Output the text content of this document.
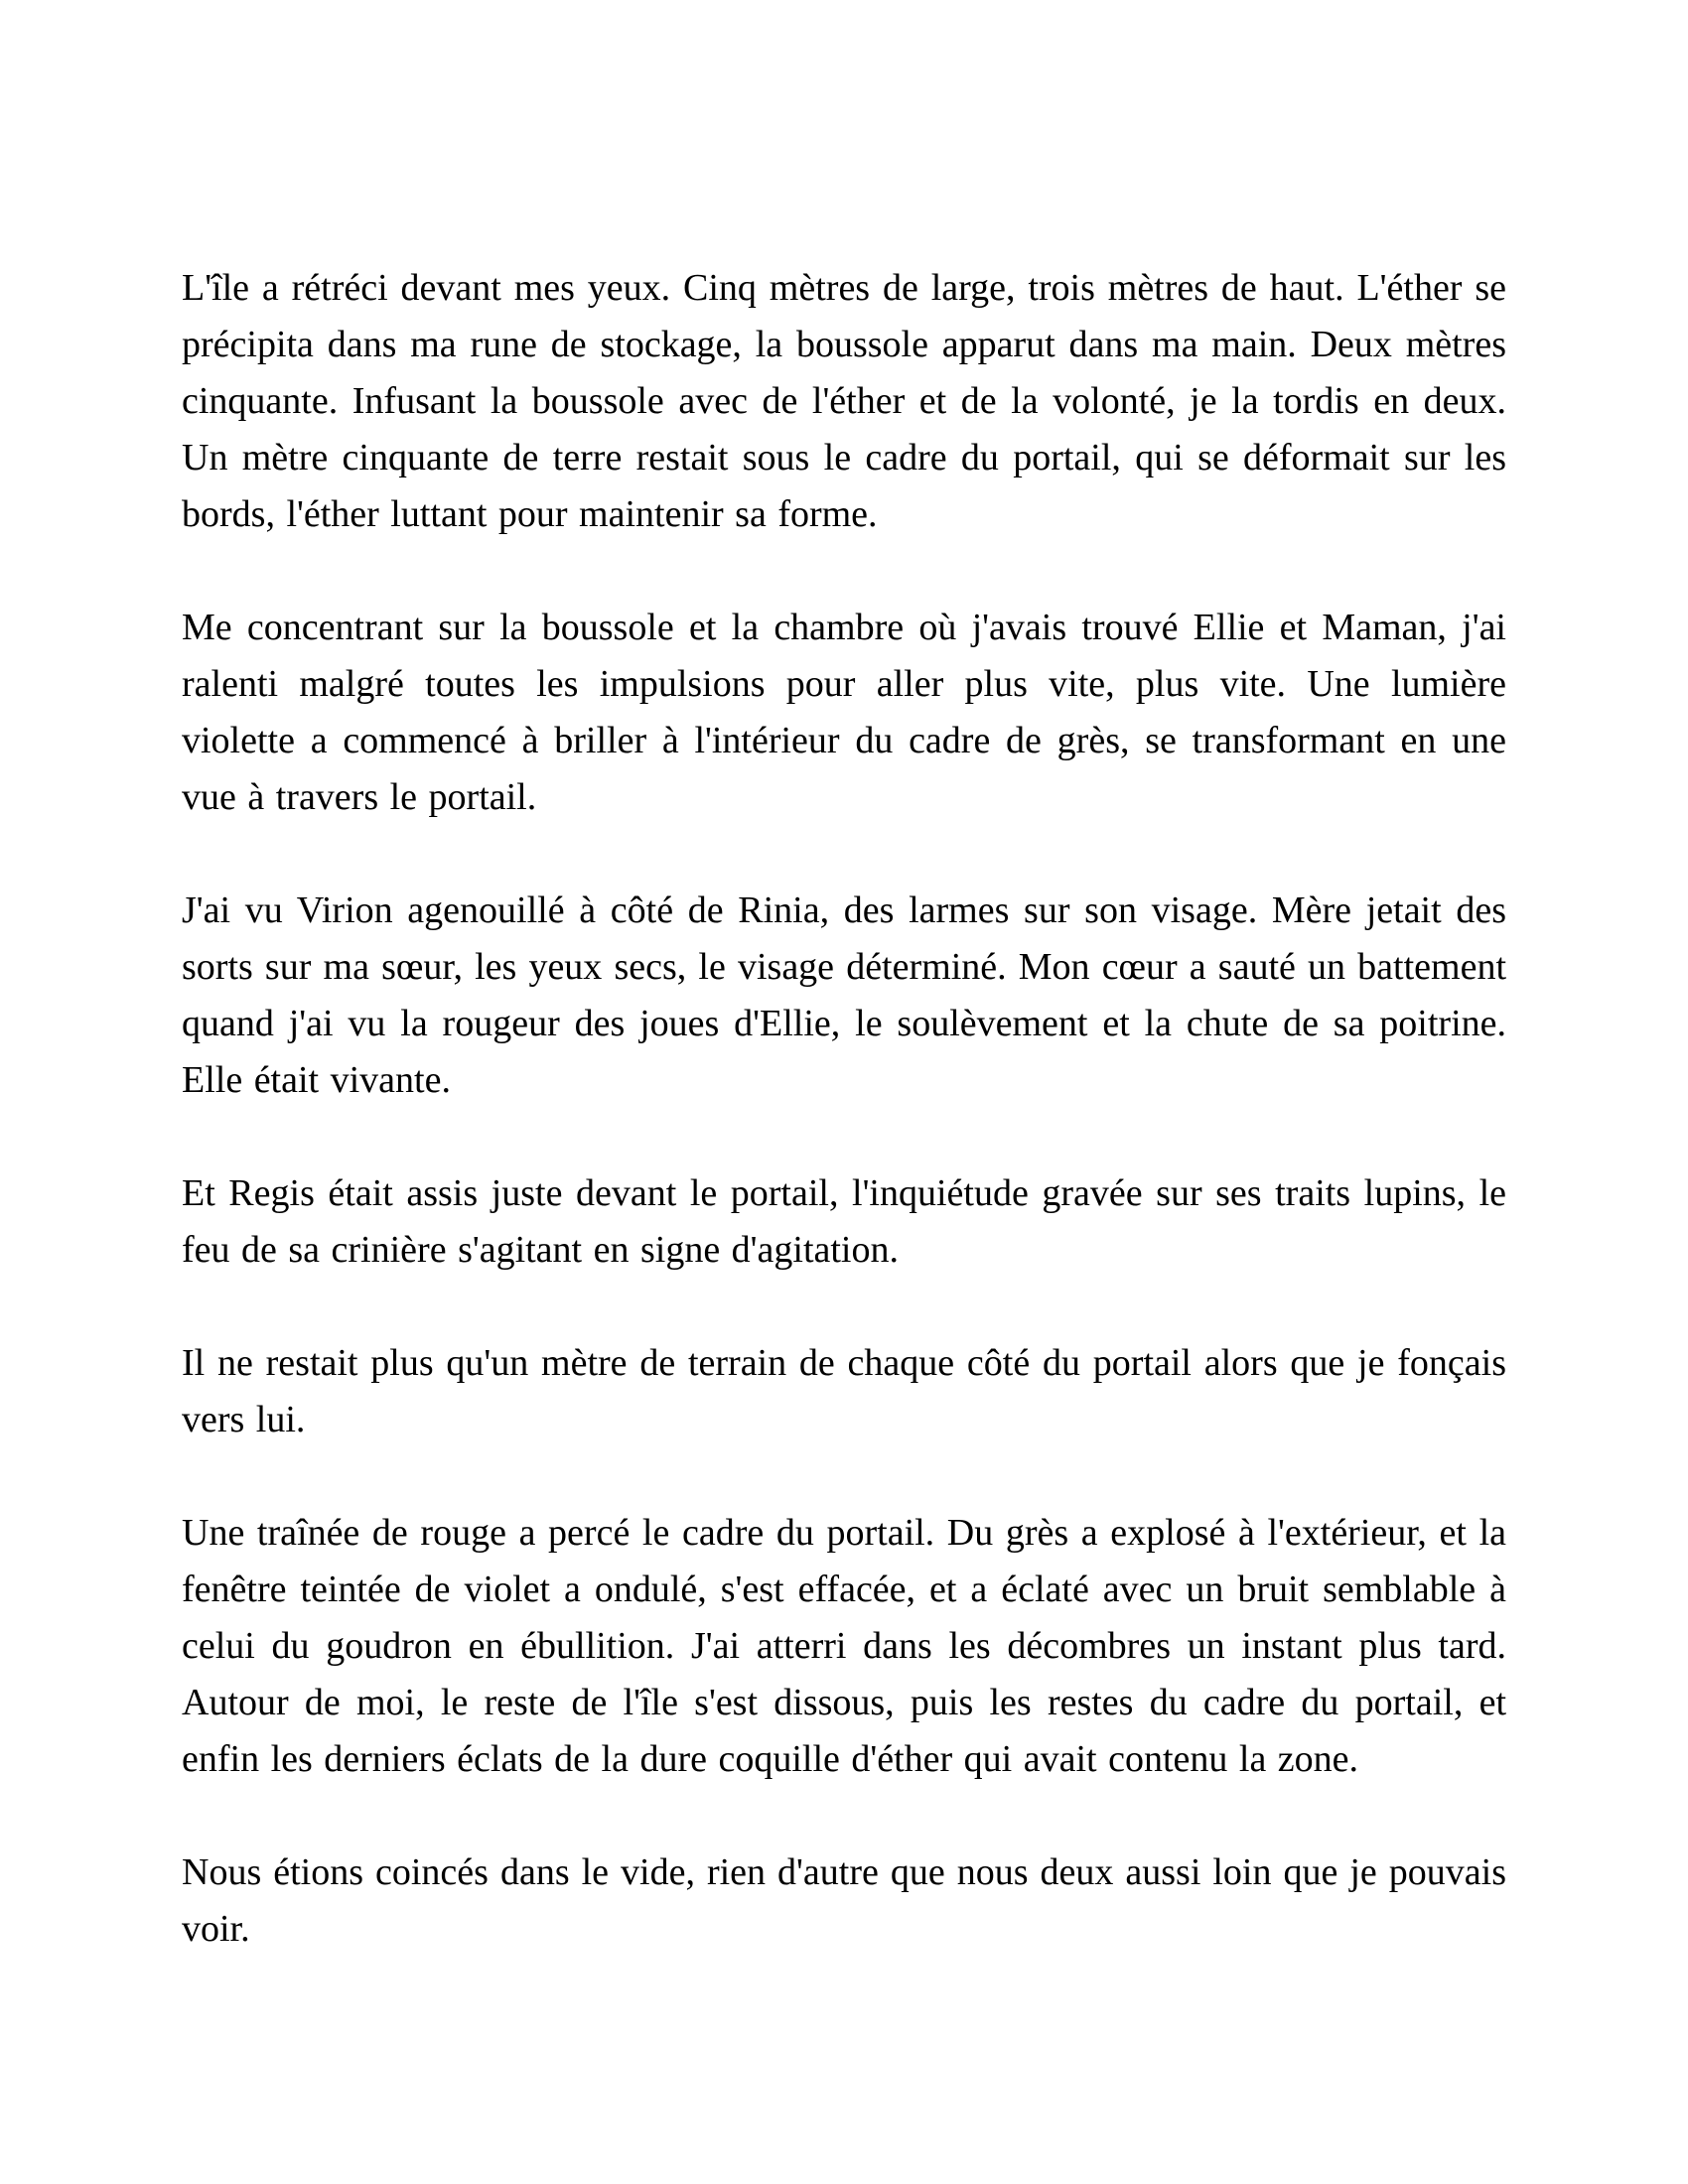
L'île a rétréci devant mes yeux. Cinq mètres de large, trois mètres de haut. L'éther se précipita dans ma rune de stockage, la boussole apparut dans ma main. Deux mètres cinquante. Infusant la boussole avec de l'éther et de la volonté, je la tordis en deux. Un mètre cinquante de terre restait sous le cadre du portail, qui se déformait sur les bords, l'éther luttant pour maintenir sa forme.

Me concentrant sur la boussole et la chambre où j'avais trouvé Ellie et Maman, j'ai ralenti malgré toutes les impulsions pour aller plus vite, plus vite. Une lumière violette a commencé à briller à l'intérieur du cadre de grès, se transformant en une vue à travers le portail.

J'ai vu Virion agenouillé à côté de Rinia, des larmes sur son visage. Mère jetait des sorts sur ma sœur, les yeux secs, le visage déterminé. Mon cœur a sauté un battement quand j'ai vu la rougeur des joues d'Ellie, le soulèvement et la chute de sa poitrine. Elle était vivante.

Et Regis était assis juste devant le portail, l'inquiétude gravée sur ses traits lupins, le feu de sa crinière s'agitant en signe d'agitation.

Il ne restait plus qu'un mètre de terrain de chaque côté du portail alors que je fonçais vers lui.

Une traînée de rouge a percé le cadre du portail. Du grès a explosé à l'extérieur, et la fenêtre teintée de violet a ondulé, s'est effacée, et a éclaté avec un bruit semblable à celui du goudron en ébullition. J'ai atterri dans les décombres un instant plus tard. Autour de moi, le reste de l'île s'est dissous, puis les restes du cadre du portail, et enfin les derniers éclats de la dure coquille d'éther qui avait contenu la zone.

Nous étions coincés dans le vide, rien d'autre que nous deux aussi loin que je pouvais voir.
